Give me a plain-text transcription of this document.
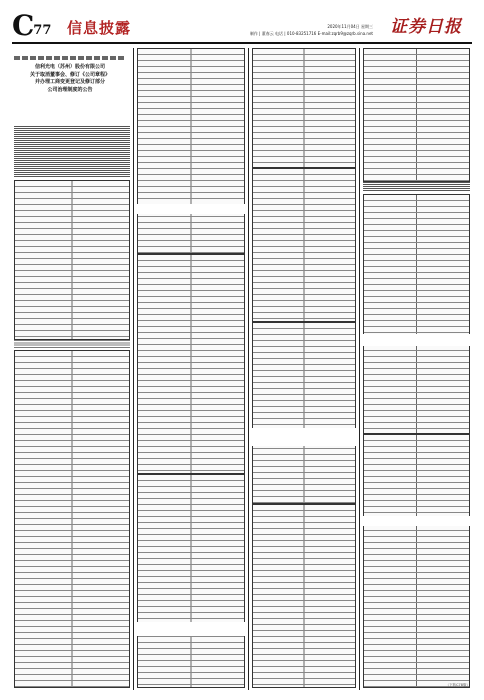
C 77 信息披露	2020年11月04日 星期三
制作 | 董春云 电话 | 010-83251716 E-mail:zqrb9@zqrb.sina.net 证券日报
信利光电（苏州）股份有限公司
关于取消董事会、修订《公司章程》
并办理工商变更登记及修订部分
公司治理制度的公告
（下转C78版）
